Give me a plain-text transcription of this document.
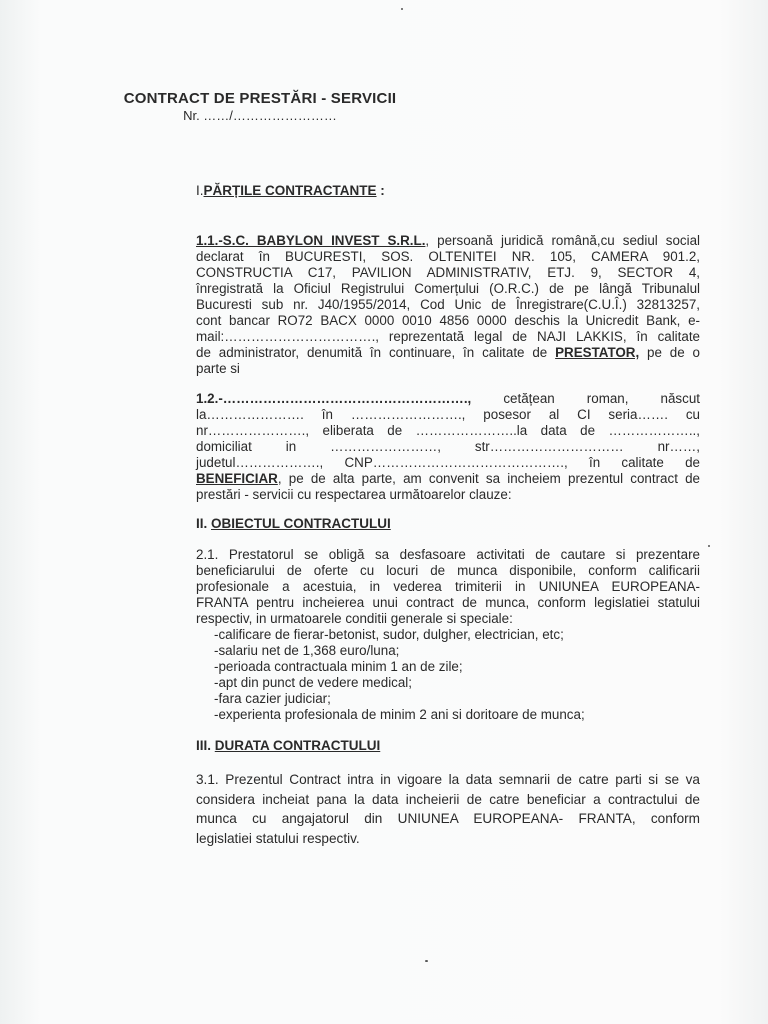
CONTRACT DE PRESTĂRI - SERVICII
Nr. ……/……………………
I.PĂRȚILE CONTRACTANTE :
1.1.-S.C. BABYLON INVEST S.R.L., persoană juridică română,cu sediul social
declarat în BUCURESTI, SOS. OLTENITEI NR. 105, CAMERA 901.2,
CONSTRUCTIA C17, PAVILION ADMINISTRATIV, ETJ. 9, SECTOR 4,
înregistrată la Oficiul Registrului Comerțului (O.R.C.) de pe lângă Tribunalul
Bucuresti sub nr. J40/1955/2014, Cod Unic de Înregistrare(C.U.Î.) 32813257,
cont bancar RO72 BACX 0000 0010 4856 0000 deschis la Unicredit Bank, e-
mail:……………………………., reprezentată legal de NAJI LAKKIS, în calitate
de administrator, denumită în continuare, în calitate de PRESTATOR, pe de o
parte si
1.2.-………………………………………………., cetățean roman, născut
la…………………. în ……………………., posesor al CI seria……. cu
nr…………………., eliberata de …………………..la data de ………………..,
domiciliat in ……………………, str………………………… nr……,
judetul………………., CNP……………………………………., în calitate de
BENEFICIAR, pe de alta parte, am convenit sa incheiem prezentul contract de
prestări - servicii cu respectarea următoarelor clauze:
II. OBIECTUL CONTRACTULUI
2.1. Prestatorul se obligă sa desfasoare activitati de cautare si prezentare
beneficiarului de oferte cu locuri de munca disponibile, conform calificarii
profesionale a acestuia, in vederea trimiterii in UNIUNEA EUROPEANA-
FRANTA pentru incheierea unui contract de munca, conform legislatiei statului
respectiv, in urmatoarele conditii generale si speciale:
-calificare de fierar-betonist, sudor, dulgher, electrician, etc;
-salariu net de 1,368 euro/luna;
-perioada contractuala minim 1 an de zile;
-apt din punct de vedere medical;
-fara cazier judiciar;
-experienta profesionala de minim 2 ani si doritoare de munca;
III. DURATA CONTRACTULUI
3.1. Prezentul Contract intra in vigoare la data semnarii de catre parti si se va
considera incheiat pana la data incheierii de catre beneficiar a contractului de
munca cu angajatorul din UNIUNEA EUROPEANA- FRANTA, conform
legislatiei statului respectiv.
